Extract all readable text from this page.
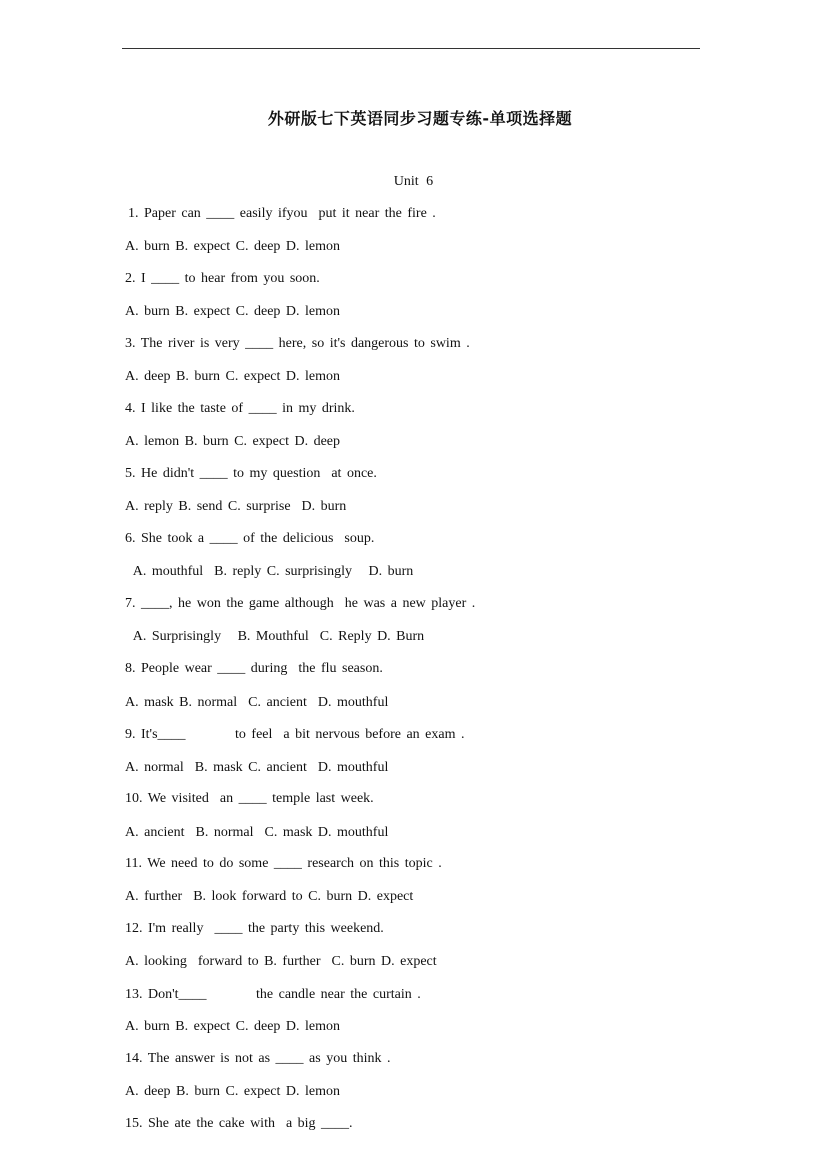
外研版七下英语同步习题专练-单项选择题
Unit 6
1. Paper can ____ easily ifyou  put it near the fire .
A. burn B. expect C. deep D. lemon
2. I ____ to hear from you soon.
A. burn B. expect C. deep D. lemon
3. The river is very ____ here, so it's dangerous to swim .
A. deep B. burn C. expect D. lemon
4. I like the taste of ____ in my drink.
A. lemon B. burn C. expect D. deep
5. He didn't ____ to my question  at once.
A. reply B. send C. surprise  D. burn
6. She took a ____ of the delicious  soup.
A. mouthful  B. reply C. surprisingly   D. burn
7. ____, he won the game although  he was a new player .
A. Surprisingly   B. Mouthful  C. Reply D. Burn
8. People wear ____ during  the flu season.
A. mask B. normal  C. ancient  D. mouthful
9. It's____         to feel  a bit nervous before an exam .
A. normal  B. mask C. ancient  D. mouthful
10. We visited  an ____ temple last week.
A. ancient  B. normal  C. mask D. mouthful
11. We need to do some ____ research on this topic .
A. further  B. look forward to C. burn D. expect
12. I'm really  ____ the party this weekend.
A. looking  forward to B. further  C. burn D. expect
13. Don't____         the candle near the curtain .
A. burn B. expect C. deep D. lemon
14. The answer is not as ____ as you think .
A. deep B. burn C. expect D. lemon
15. She ate the cake with  a big ____.
